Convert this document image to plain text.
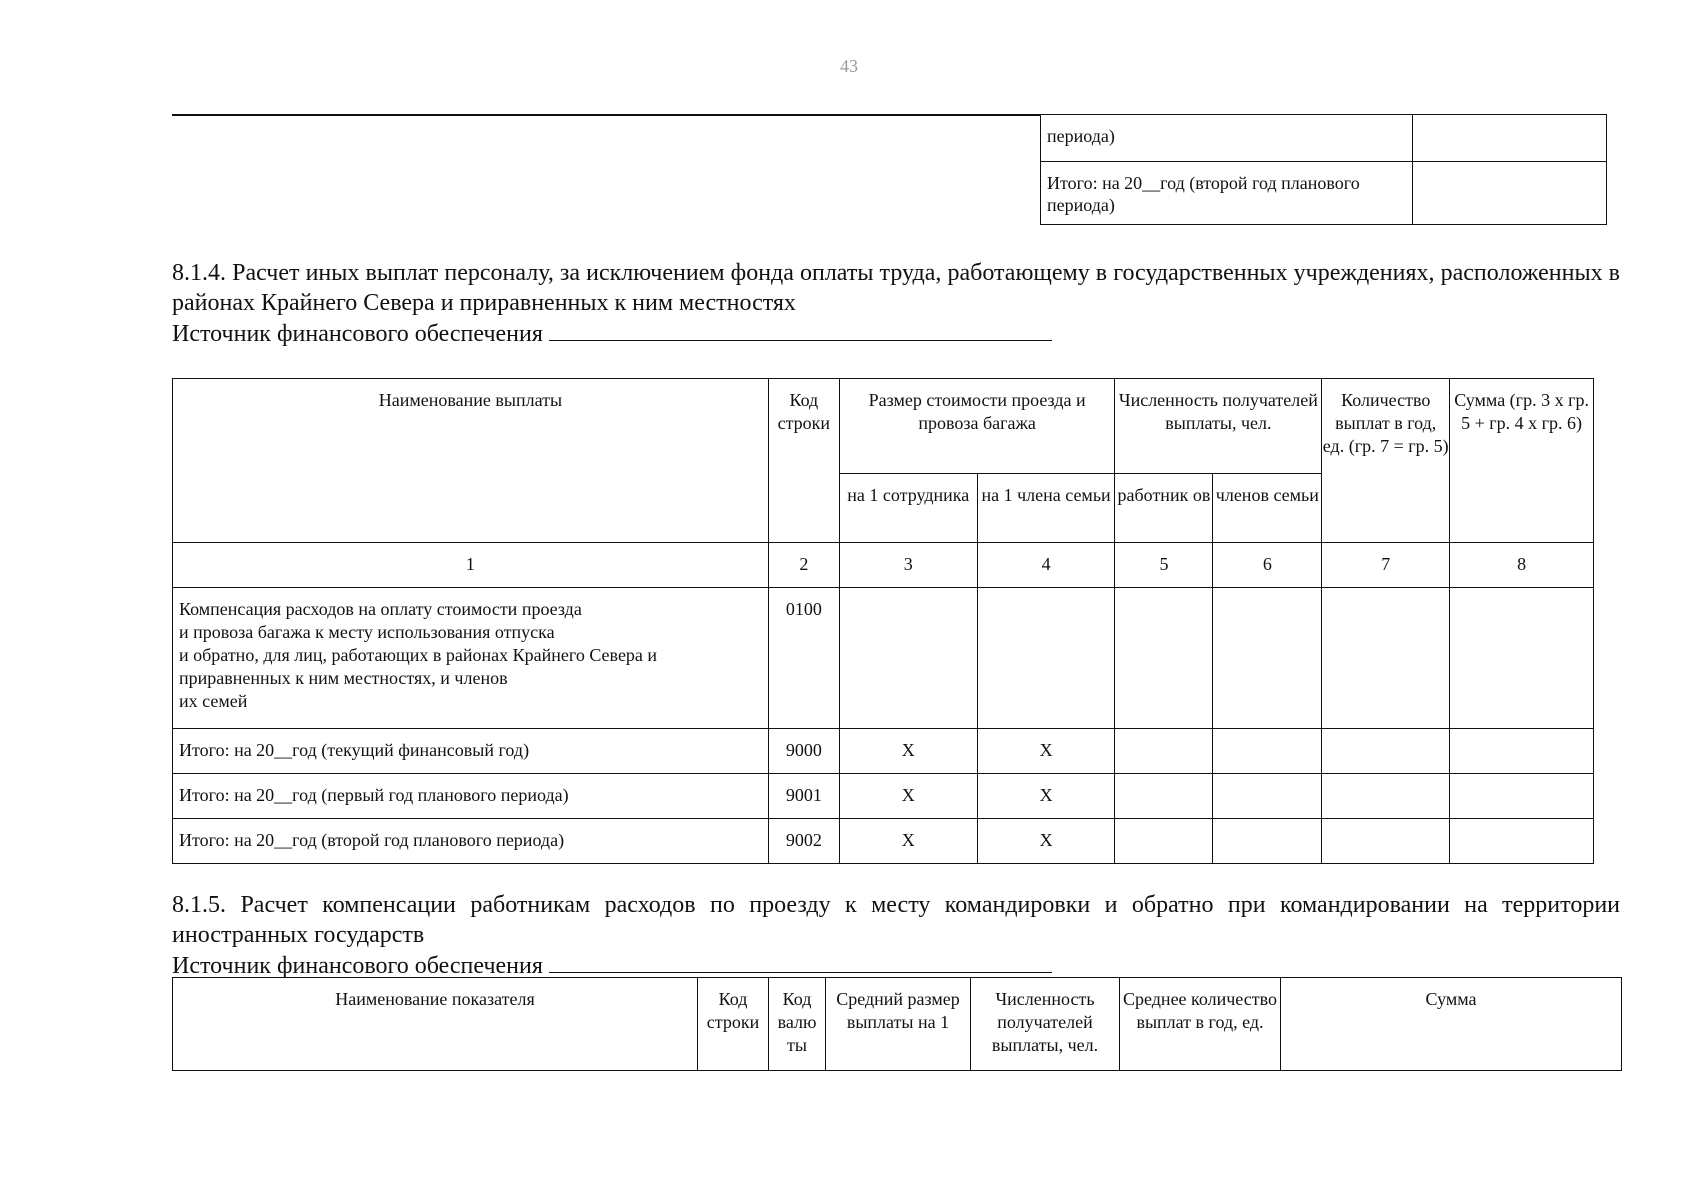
43
периода)	
Итого: на 20__год (второй год планового периода)	
8.1.4. Расчет иных выплат персоналу, за исключением фонда оплаты труда, работающему в государственных учреждениях, расположенных в районах Крайнего Севера и приравненных к ним местностях
Источник финансового обеспечения
Наименование выплаты	Код строки	Размер стоимости проезда и провоза багажа		Численность получателей выплаты, чел.		Количество выплат в год, ед. (гр. 7 = гр. 5)	Сумма (гр. 3 х гр. 5 + гр. 4 х гр. 6)
		на 1 сотрудника	на 1 члена семьи	работник ов	членов семьи		
1	2	3	4	5	6	7	8

Компенсация расходов на оплату стоимости проезда
и провоза багажа к месту использования отпуска
и обратно, для лиц, работающих в районах Крайнего Севера и
приравненных к ним местностях, и членов
их семей	0100						
Итого: на 20__год (текущий финансовый год)	9000	X	X				
Итого: на 20__год (первый год планового периода)	9001	X	X				
Итого: на 20__год (второй год планового периода)	9002	X	X				
8.1.5. Расчет компенсации работникам расходов по проезду к месту командировки и обратно при командировании на территории иностранных государств
Источник финансового обеспечения
Наименование показателя	Код строки	Код валю ты	Средний размер выплаты на 1	Численность получателей выплаты, чел.	Среднее количество выплат в год, ед.	Сумма
